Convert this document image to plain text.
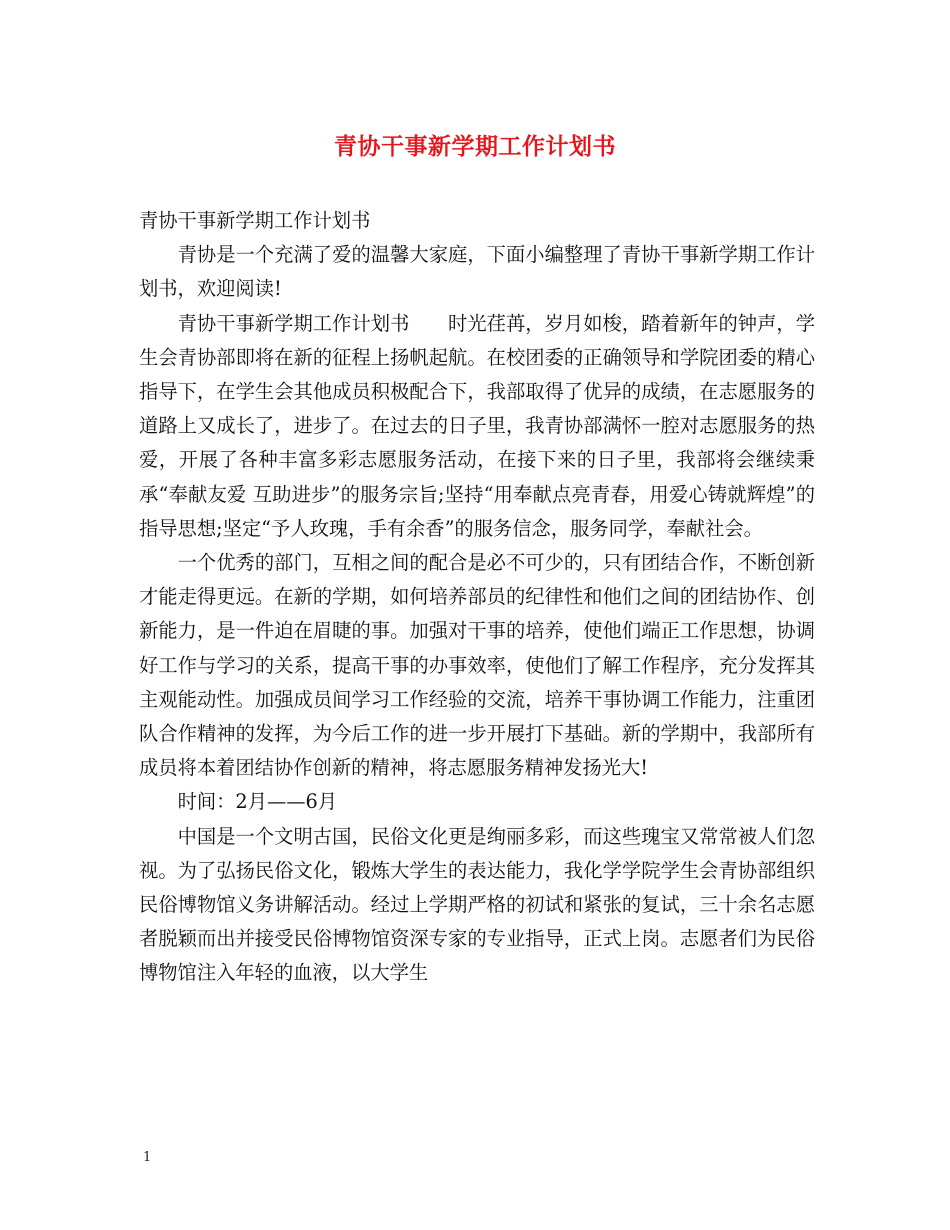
青协干事新学期工作计划书

青协干事新学期工作计划书

青协是一个充满了爱的温馨大家庭，下面小编整理了青协干事新学期工作计划书，欢迎阅读!

青协干事新学期工作计划书　　时光荏苒，岁月如梭，踏着新年的钟声，学生会青协部即将在新的征程上扬帆起航。在校团委的正确领导和学院团委的精心指导下，在学生会其他成员积极配合下，我部取得了优异的成绩，在志愿服务的道路上又成长了，进步了。在过去的日子里，我青协部满怀一腔对志愿服务的热爱，开展了各种丰富多彩志愿服务活动，在接下来的日子里，我部将会继续秉承“奉献友爱 互助进步”的服务宗旨;坚持“用奉献点亮青春，用爱心铸就辉煌”的指导思想;坚定“予人玫瑰，手有余香”的服务信念，服务同学，奉献社会。

一个优秀的部门，互相之间的配合是必不可少的，只有团结合作，不断创新才能走得更远。在新的学期，如何培养部员的纪律性和他们之间的团结协作、创新能力，是一件迫在眉睫的事。加强对干事的培养，使他们端正工作思想，协调好工作与学习的关系，提高干事的办事效率，使他们了解工作程序，充分发挥其主观能动性。加强成员间学习工作经验的交流，培养干事协调工作能力，注重团队合作精神的发挥，为今后工作的进一步开展打下基础。新的学期中，我部所有成员将本着团结协作创新的精神，将志愿服务精神发扬光大!

时间：2月——6月

中国是一个文明古国，民俗文化更是绚丽多彩，而这些瑰宝又常常被人们忽视。为了弘扬民俗文化，锻炼大学生的表达能力，我化学学院学生会青协部组织民俗博物馆义务讲解活动。经过上学期严格的初试和紧张的复试，三十余名志愿者脱颖而出并接受民俗博物馆资深专家的专业指导，正式上岗。志愿者们为民俗博物馆注入年轻的血液，以大学生

1
